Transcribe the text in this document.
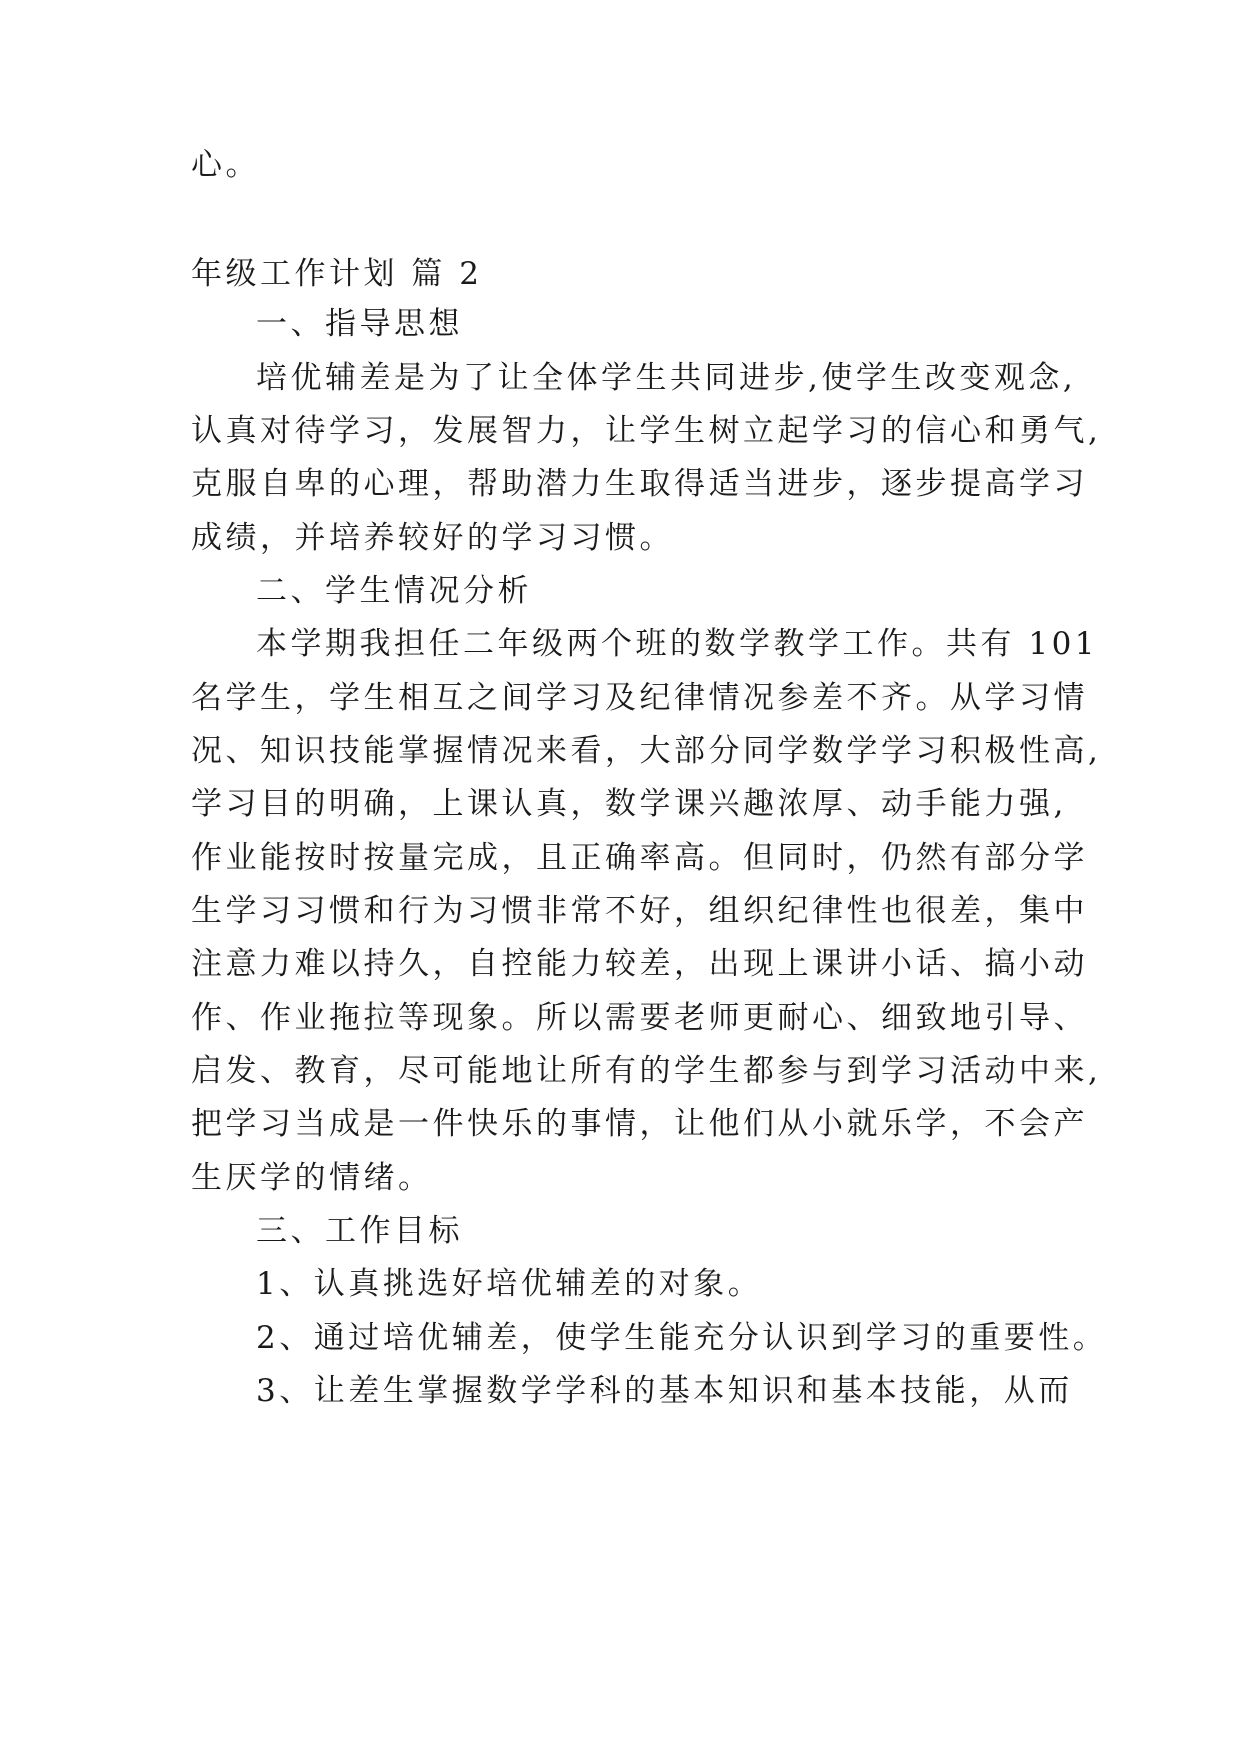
心。
年级工作计划 篇 2
一、指导思想
培优辅差是为了让全体学生共同进步,使学生改变观念,
认真对待学习，发展智力，让学生树立起学习的信心和勇气,
克服自卑的心理，帮助潜力生取得适当进步，逐步提高学习
成绩，并培养较好的学习习惯。
二、学生情况分析
本学期我担任二年级两个班的数学教学工作。共有 101
名学生，学生相互之间学习及纪律情况参差不齐。从学习情
况、知识技能掌握情况来看，大部分同学数学学习积极性高,
学习目的明确，上课认真，数学课兴趣浓厚、动手能力强,
作业能按时按量完成，且正确率高。但同时，仍然有部分学
生学习习惯和行为习惯非常不好，组织纪律性也很差，集中
注意力难以持久，自控能力较差，出现上课讲小话、搞小动
作、作业拖拉等现象。所以需要老师更耐心、细致地引导、
启发、教育，尽可能地让所有的学生都参与到学习活动中来,
把学习当成是一件快乐的事情，让他们从小就乐学，不会产
生厌学的情绪。
三、工作目标
1、认真挑选好培优辅差的对象。
2、通过培优辅差，使学生能充分认识到学习的重要性。
3、让差生掌握数学学科的基本知识和基本技能，从而
